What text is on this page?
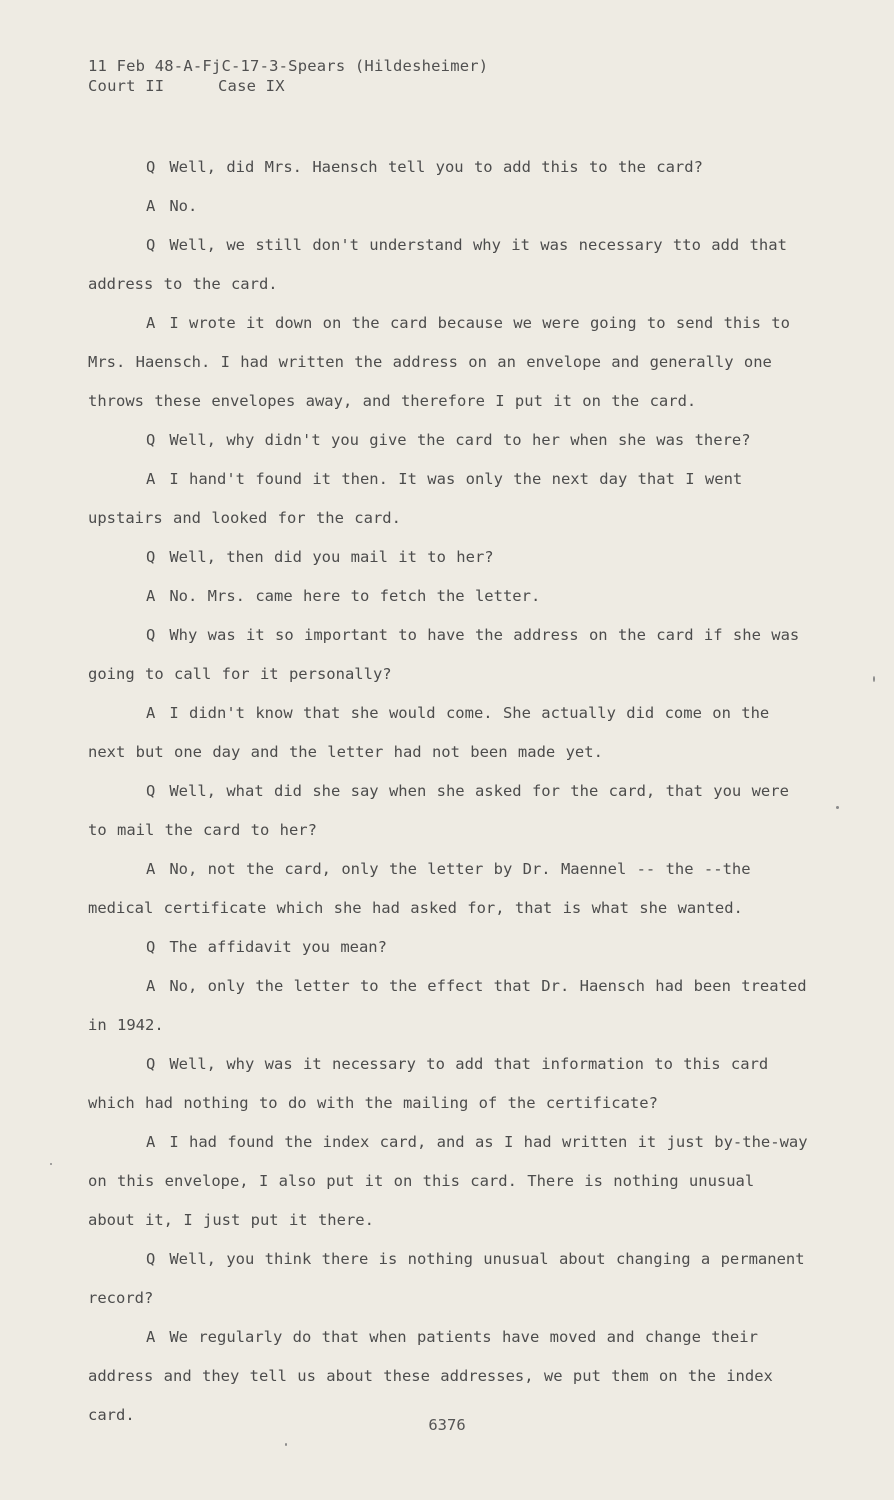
11 Feb 48-A-FjC-17-3-Spears (Hildesheimer)
Court II	Case IX

Q Well, did Mrs. Haensch tell you to add this to the card?

A No.

Q Well, we still don't understand why it was necessary tto add that address to the card.

A I wrote it down on the card because we were going to send this to Mrs. Haensch. I had written the address on an envelope and generally one throws these envelopes away, and therefore I put it on the card.

Q Well, why didn't you give the card to her when she was there?

A I hand't found it then. It was only the next day that I went upstairs and looked for the card.

Q Well, then did you mail it to her?

A No. Mrs. came here to fetch the letter.

Q Why was it so important to have the address on the card if she was going to call for it personally?

A I didn't know that she would come. She actually did come on the next but one day and the letter had not been made yet.

Q Well, what did she say when she asked for the card, that you were to mail the card to her?

A No, not the card, only the letter by Dr. Maennel -- the --the medical certificate which she had asked for, that is what she wanted.

Q The affidavit you mean?

A No, only the letter to the effect that Dr. Haensch had been treated in 1942.

Q Well, why was it necessary to add that information to this card which had nothing to do with the mailing of the certificate?

A I had found the index card, and as I had written it just by-the-way on this envelope, I also put it on this card. There is nothing unusual about it, I just put it there.

Q Well, you think there is nothing unusual about changing a permanent record?

A We regularly do that when patients have moved and change their address and they tell us about these addresses, we put them on the index card.

6376
